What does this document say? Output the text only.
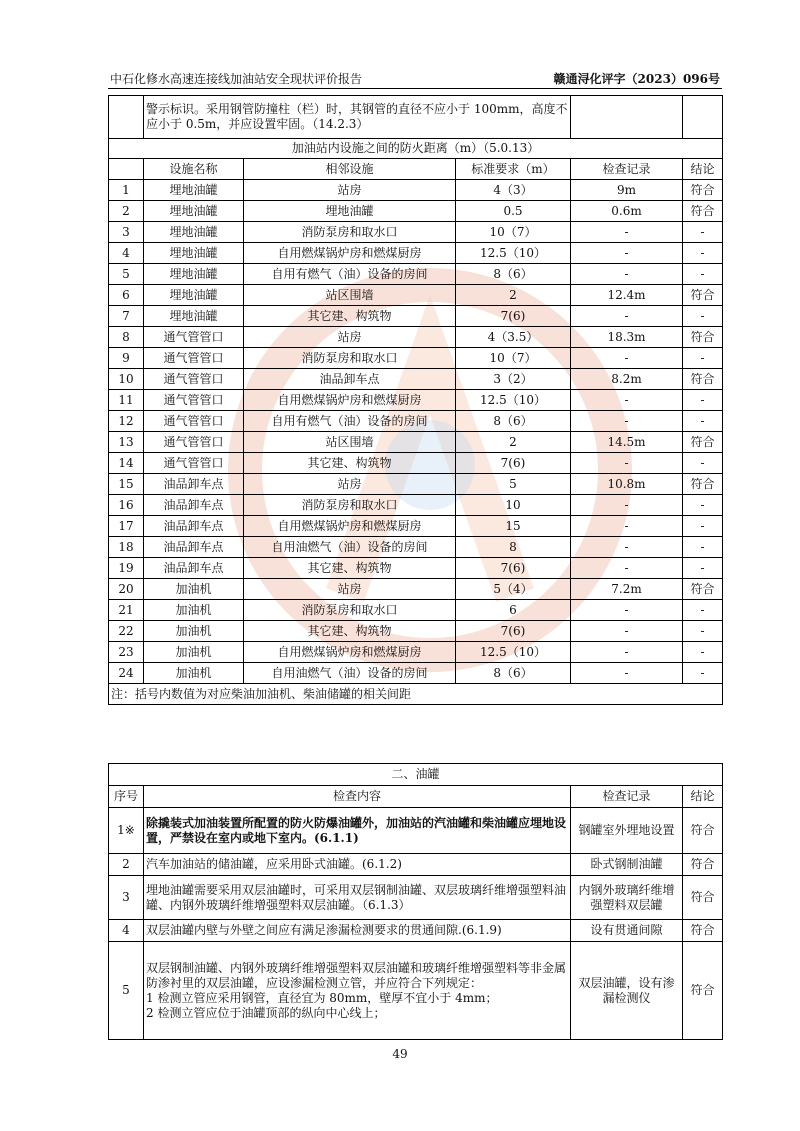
中石化修水高速连接线加油站安全现状评价报告	赣通浔化评字（2023）096号
	警示标识。采用钢管防撞柱（栏）时，其钢管的直径不应小于 100mm，高度不应小于 0.5m，并应设置牢固。（14.2.3）				
加油站内设施之间的防火距离（m）（5.0.13）					
	设施名称	相邻设施	标准要求（m）	检查记录	结论
1	埋地油罐	站房	4（3）	9m	符合
2	埋地油罐	埋地油罐	0.5	0.6m	符合
3	埋地油罐	消防泵房和取水口	10（7）	-	-
4	埋地油罐	自用燃煤锅炉房和燃煤厨房	12.5（10）	-	-
5	埋地油罐	自用有燃气（油）设备的房间	8（6）	-	-
6	埋地油罐	站区围墙	2	12.4m	符合
7	埋地油罐	其它建、构筑物	7(6)	-	-
8	通气管管口	站房	4（3.5）	18.3m	符合
9	通气管管口	消防泵房和取水口	10（7）	-	-
10	通气管管口	油品卸车点	3（2）	8.2m	符合
11	通气管管口	自用燃煤锅炉房和燃煤厨房	12.5（10）	-	-
12	通气管管口	自用有燃气（油）设备的房间	8（6）	-	-
13	通气管管口	站区围墙	2	14.5m	符合
14	通气管管口	其它建、构筑物	7(6)	-	-
15	油品卸车点	站房	5	10.8m	符合
16	油品卸车点	消防泵房和取水口	10	-	-
17	油品卸车点	自用燃煤锅炉房和燃煤厨房	15	-	-
18	油品卸车点	自用油燃气（油）设备的房间	8	-	-
19	油品卸车点	其它建、构筑物	7(6)	-	-
20	加油机	站房	5（4）	7.2m	符合
21	加油机	消防泵房和取水口	6	-	-
22	加油机	其它建、构筑物	7(6)	-	-
23	加油机	自用燃煤锅炉房和燃煤厨房	12.5（10）	-	-
24	加油机	自用油燃气（油）设备的房间	8（6）	-	-
注：括号内数值为对应柴油加油机、柴油储罐的相关间距					
二、油罐			
序号	检查内容	检查记录	结论
1※	除撬装式加油装置所配置的防火防爆油罐外，加油站的汽油罐和柴油罐应埋地设置，严禁设在室内或地下室内。(6.1.1)	钢罐室外埋地设置	符合
2	汽车加油站的储油罐，应采用卧式油罐。(6.1.2)	卧式钢制油罐	符合
3	埋地油罐需要采用双层油罐时，可采用双层钢制油罐、双层玻璃纤维增强塑料油罐、内钢外玻璃纤维增强塑料双层油罐。（6.1.3）	内钢外玻璃纤维增强塑料双层罐	符合
4	双层油罐内壁与外壁之间应有满足渗漏检测要求的贯通间隙.(6.1.9)	设有贯通间隙	符合
5	双层钢制油罐、内钢外玻璃纤维增强塑料双层油罐和玻璃纤维增强塑料等非金属防渗衬里的双层油罐，应设渗漏检测立管，并应符合下列规定：
1 检测立管应采用钢管，直径宜为 80mm，壁厚不宜小于 4mm；
2 检测立管应位于油罐顶部的纵向中心线上；	双层油罐，设有渗漏检测仪	符合
49
